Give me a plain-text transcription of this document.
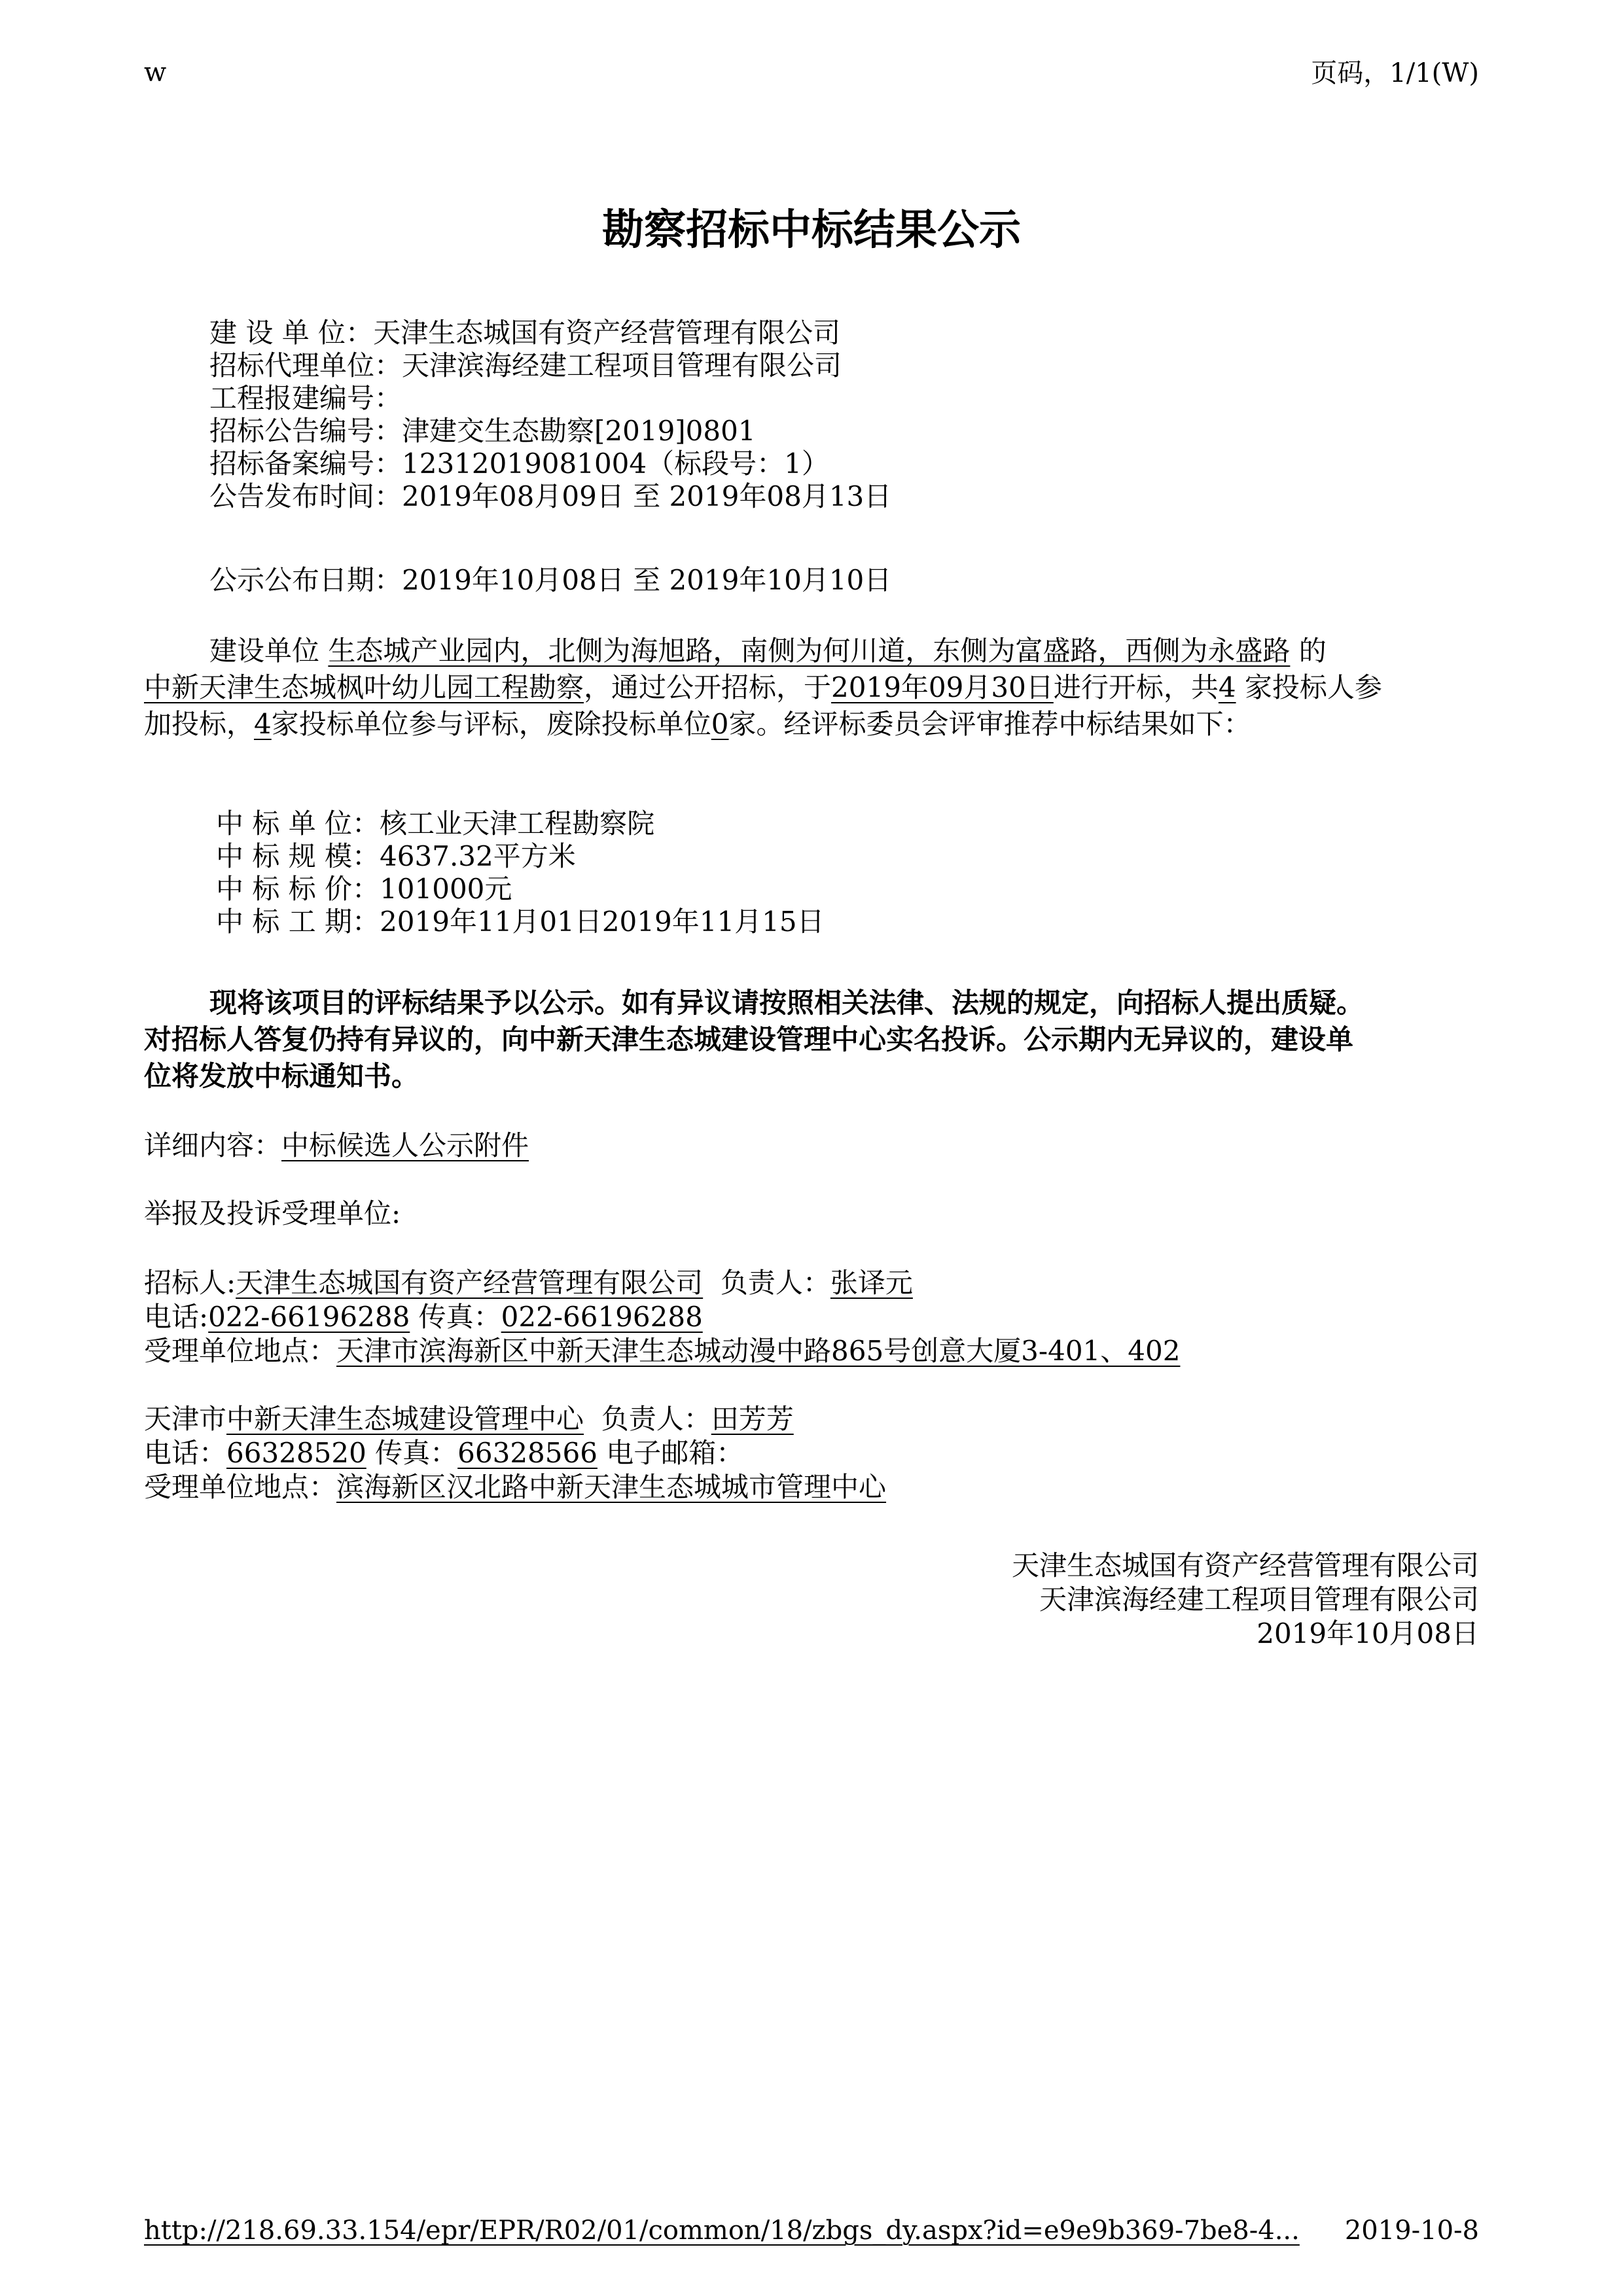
w	页码，1/1(W)
勘察招标中标结果公示
建 设 单 位：天津生态城国有资产经营管理有限公司
招标代理单位：天津滨海经建工程项目管理有限公司
工程报建编号：
招标公告编号：津建交生态勘察[2019]0801
招标备案编号：12312019081004（标段号：1）
公告发布时间：2019年08月09日 至 2019年08月13日
公示公布日期：2019年10月08日 至 2019年10月10日
建设单位 生态城产业园内，北侧为海旭路，南侧为何川道，东侧为富盛路，西侧为永盛路 的
中新天津生态城枫叶幼儿园工程勘察，通过公开招标，于2019年09月30日进行开标，共4 家投标人参
加投标，4家投标单位参与评标，废除投标单位0家。经评标委员会评审推荐中标结果如下：
中 标 单 位：核工业天津工程勘察院
中 标 规 模：4637.32平方米
中 标 标 价：101000元
中 标 工 期：2019年11月01日2019年11月15日
现将该项目的评标结果予以公示。如有异议请按照相关法律、法规的规定，向招标人提出质疑。
对招标人答复仍持有异议的，向中新天津生态城建设管理中心实名投诉。公示期内无异议的，建设单
位将发放中标通知书。
详细内容：中标候选人公示附件
举报及投诉受理单位:
招标人:天津生态城国有资产经营管理有限公司  负责人：张译元
电话:022-66196288 传真：022-66196288
受理单位地点：天津市滨海新区中新天津生态城动漫中路865号创意大厦3-401、402
天津市中新天津生态城建设管理中心  负责人：田芳芳
电话：66328520 传真：66328566 电子邮箱：
受理单位地点：滨海新区汉北路中新天津生态城城市管理中心
天津生态城国有资产经营管理有限公司
天津滨海经建工程项目管理有限公司
2019年10月08日
http://218.69.33.154/epr/EPR/R02/01/common/18/zbgs_dy.aspx?id=e9e9b369-7be8-4... 2019-10-8
